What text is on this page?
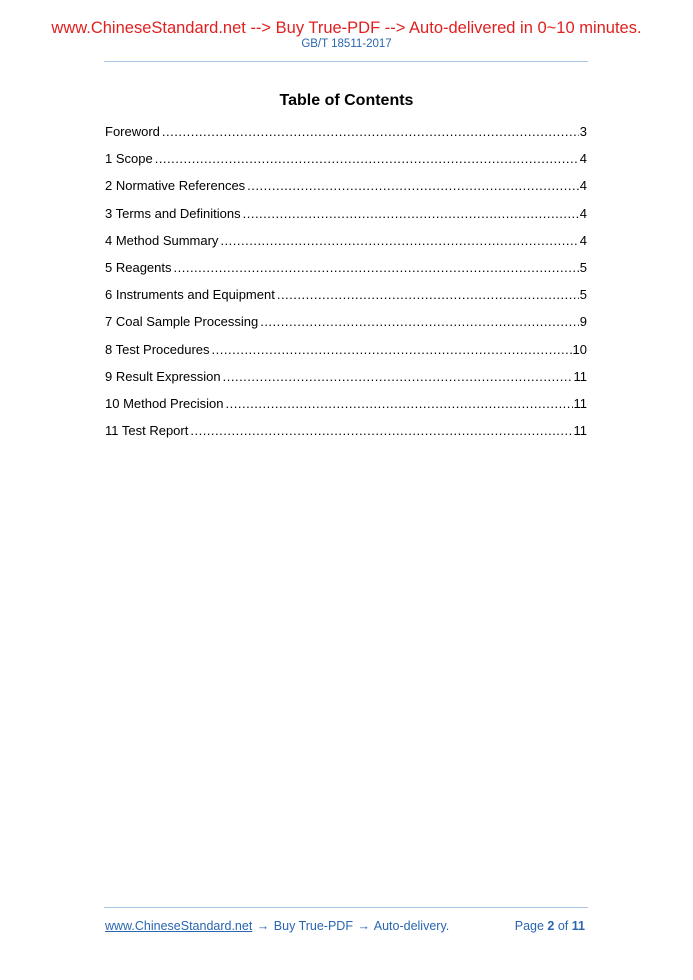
www.ChineseStandard.net --> Buy True-PDF --> Auto-delivered in 0~10 minutes.
GB/T 18511-2017
Table of Contents
Foreword .....	3
1 Scope .....	4
2 Normative References .....	4
3 Terms and Definitions .....	4
4 Method Summary .....	4
5 Reagents .....	5
6 Instruments and Equipment .....	5
7 Coal Sample Processing .....	9
8 Test Procedures .....	10
9 Result Expression .....	11
10 Method Precision .....	11
11 Test Report .....	11
www.ChineseStandard.net → Buy True-PDF → Auto-delivery.	Page 2 of 11
